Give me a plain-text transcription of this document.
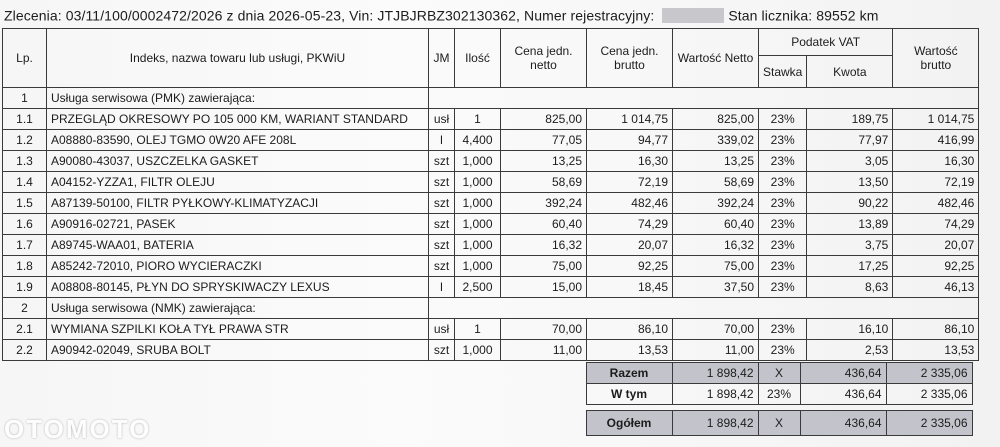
Zlecenia: 03/11/100/0002472/2026 z dnia 2026-05-23, Vin: JTJBJRBZ302130362, Numer rejestracyjny:	Stan licznika: 89552 km
Lp.	Indeks, nazwa towaru lub usługi, PKWiU	JM	Ilość	Cena jedn. netto	Cena jedn. brutto	Wartość Netto	Podatek VAT		Wartość brutto
							Stawka	Kwota	
1	Usługa serwisowa (PMK) zawierająca:								
1.1	PRZEGLĄD OKRESOWY PO 105 000 KM, WARIANT STANDARD	usł	1	825,00	1 014,75	825,00	23%	189,75	1 014,75
1.2	A08880-83590, OLEJ TGMO 0W20 AFE 208L	l	4,400	77,05	94,77	339,02	23%	77,97	416,99
1.3	A90080-43037, USZCZELKA GASKET	szt	1,000	13,25	16,30	13,25	23%	3,05	16,30
1.4	A04152-YZZA1, FILTR OLEJU	szt	1,000	58,69	72,19	58,69	23%	13,50	72,19
1.5	A87139-50100, FILTR PYŁKOWY-KLIMATYZACJI	szt	1,000	392,24	482,46	392,24	23%	90,22	482,46
1.6	A90916-02721, PASEK	szt	1,000	60,40	74,29	60,40	23%	13,89	74,29
1.7	A89745-WAA01, BATERIA	szt	1,000	16,32	20,07	16,32	23%	3,75	20,07
1.8	A85242-72010, PIORO WYCIERACZKI	szt	1,000	75,00	92,25	75,00	23%	17,25	92,25
1.9	A08808-80145, PŁYN DO SPRYSKIWACZY LEXUS	l	2,500	15,00	18,45	37,50	23%	8,63	46,13
2	Usługa serwisowa (NMK) zawierająca:								
2.1	WYMIANA SZPILKI KOŁA TYŁ PRAWA STR	usł	1	70,00	86,10	70,00	23%	16,10	86,10
2.2	A90942-02049, SRUBA BOLT	szt	1,000	11,00	13,53	11,00	23%	2,53	13,53
	Razem	1 898,42	X	436,64	2 335,06
	W tym	1 898,42	23%	436,64	2 335,06
	Ogółem	1 898,42	X	436,64	2 335,06
OTOMOTO
